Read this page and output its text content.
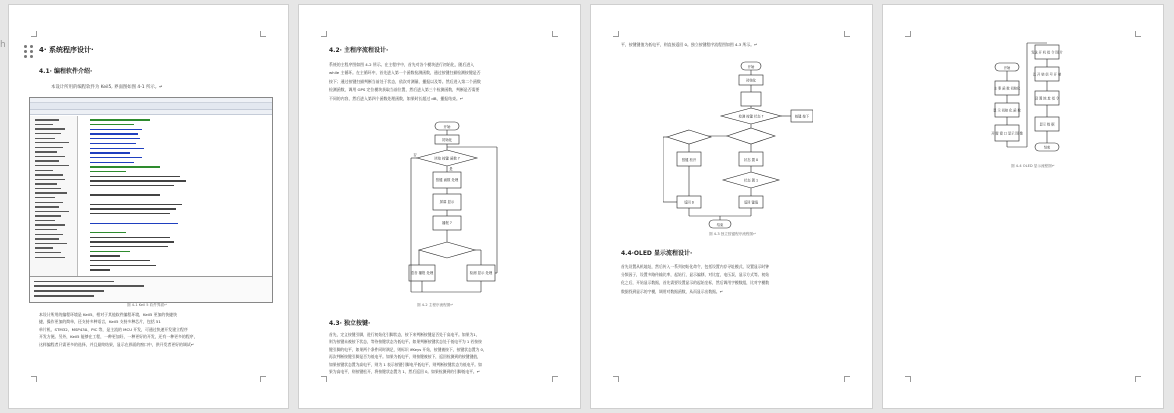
h	4· 系统程序设计·
4.1· 编程软件介绍·
本设计所用的编程软件为 Keil5, 界面图如图 4-1 所示。↵
图 4-1 Keil 5 软件界面↵
本设计所用的编程环境是 Keil5，相对于其他软件编程环境，Keil5 更加的快捷快
捷，操作更加的简单，还支持多种语言，Keil5 支持多种芯片，包括 51
单片机、STM32、MSP430、PIC 等，是主流的 MCU 开发，可通过快速开发建立程序
开发方便。另外，Keil5 能够在工程，一种更加好，一种更好的开发，还有一种更多的程序，
这样编程者只需更多的选择，并且最终结果，显示在界面的窗口中，供开发者更好的调试↵
4.2· 主程序流程设计·
系统的主程序图如图 4-2 所示。在主程序中，首先对各个模块进行初始化，随后进入
while 主循环。在主循环中，首先进入第一个函数检测函数，通过按键扫描检测按键是否
按下；通过按键扫描判断当前处于状态，依次对测量、播报以及等。然后进入第二个函数
检测函数，调用 GPS 定位模块获取当前位置，然后进入第三个检测函数，判断是否需要
不同的内容，然后进入第四个函数处理函数，如果时长超过 dB，播报结束。↵
开始
初始化
读取 按键 函数 ?
按键 函数 处理
屏幕 显示
播报 ?
语音 播报 处理	检测 显示 处理
是
否
图 4-2 主程序流程图↵
4.3· 独立按键·
首先，定义按键引脚，进行初始化引脚状态，按下来判断按键是否处于高电平。如果为1，
则为按键未被按下状态，等待按键状态为低电平。如果判断按键状态处于低电平为 1 若按按
键引脚的电平，如果两个条件同时满足，则标识 ifKeys 开始，按键被按下，按键状态置为 0，
再次判断按键引脚是否为低电平。如果为低电平，则按键被按下，返回检测到的按键键值，
如果按键状态置为高电平，则为 1 表示按键引脚电平低电平，则判断按键状态为低电平。如
果为高电平，则按键松开，将按键状态置为 1，然后返回 0。如果检测到的引脚低电平。↵
平，按键键值为低电平，则直接返回 0。独立按键程序流程图如图 4-3 所示。↵
开始
初始化
检测 按键 状态 ?	按键 按下
状态 置 0
按键 松开
状态 置 1
返回 键值
返回 0
结束
图 4-3 独立按键程序流程图↵
4.4·OLED 显示流程设计·
首先设置从机地址，然后传入一系列初始化命令，包括设置内存寻址模式，设置显示时钟
分频因子，设置多路传输比率，起始行，显示偏移，对比度，电压泵，显示方式等。初始
化之后，开始显示数据，首先需要设置显示的起始坐标，然后调用字模数组，比对字模数
数据找到显示的字模，调用对数据函数，从而显示出数据。↵
开始
主 要 函 数 初始化
显 示 初始 化 函 数
开 窗 窗 口 显示 图 像
发送 开 机 指 令 图 片
以 开 始 信 号 开 始
设 置 地 址 指 令
显示 数 据
结束
图 4-4 OLED 显示流程图↵
